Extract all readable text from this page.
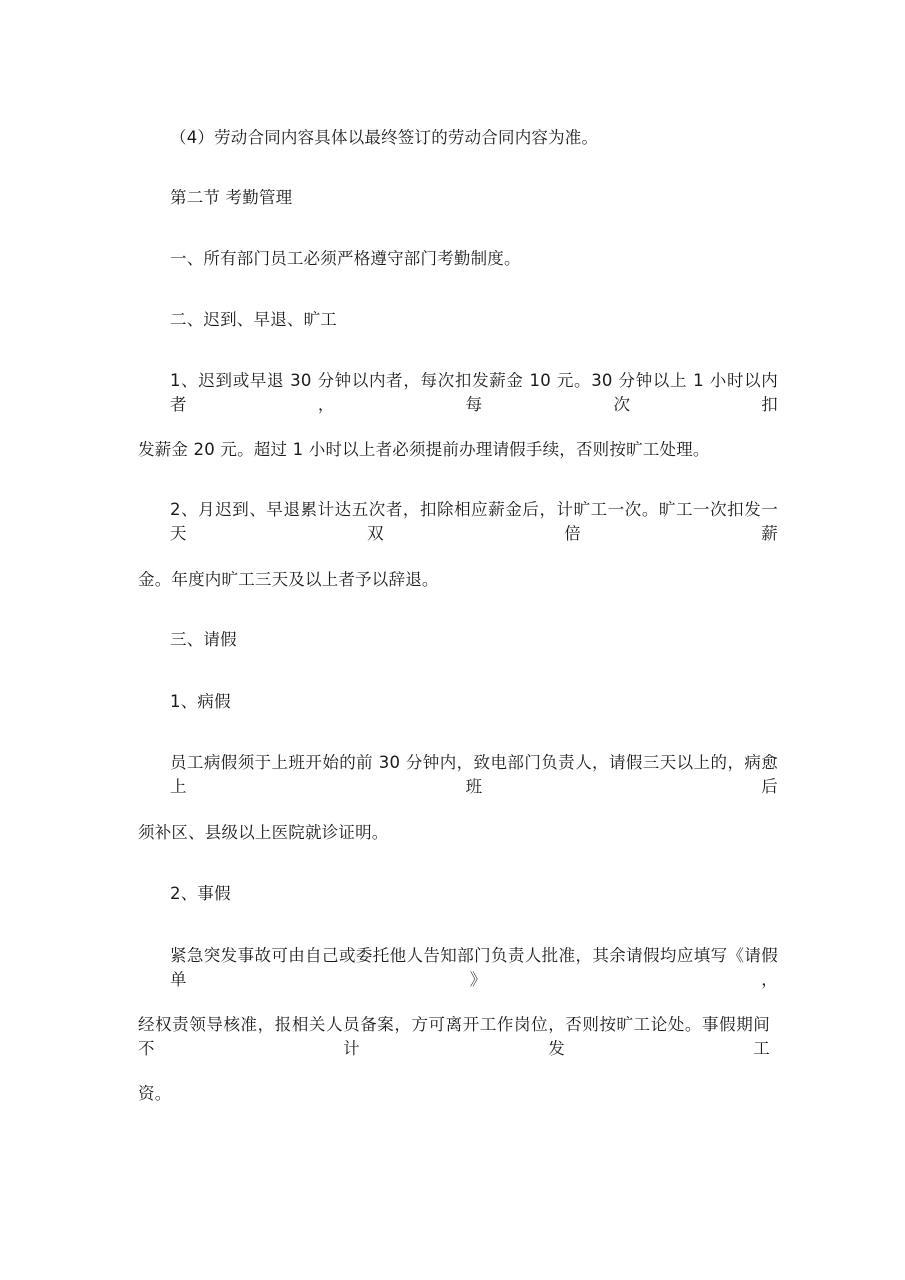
（4）劳动合同内容具体以最终签订的劳动合同内容为准。
第二节 考勤管理
一、所有部门员工必须严格遵守部门考勤制度。
二、迟到、早退、旷工
1、迟到或早退 30 分钟以内者，每次扣发薪金 10 元。30 分钟以上 1 小时以内者，每次扣
发薪金 20 元。超过 1 小时以上者必须提前办理请假手续，否则按旷工处理。
2、月迟到、早退累计达五次者，扣除相应薪金后，计旷工一次。旷工一次扣发一天双倍薪
金。年度内旷工三天及以上者予以辞退。
三、请假
1、病假
员工病假须于上班开始的前 30 分钟内，致电部门负责人，请假三天以上的，病愈上班后
须补区、县级以上医院就诊证明。
2、事假
紧急突发事故可由自己或委托他人告知部门负责人批准，其余请假均应填写《请假单》，
经权责领导核准，报相关人员备案，方可离开工作岗位，否则按旷工论处。事假期间不计发工
资。
